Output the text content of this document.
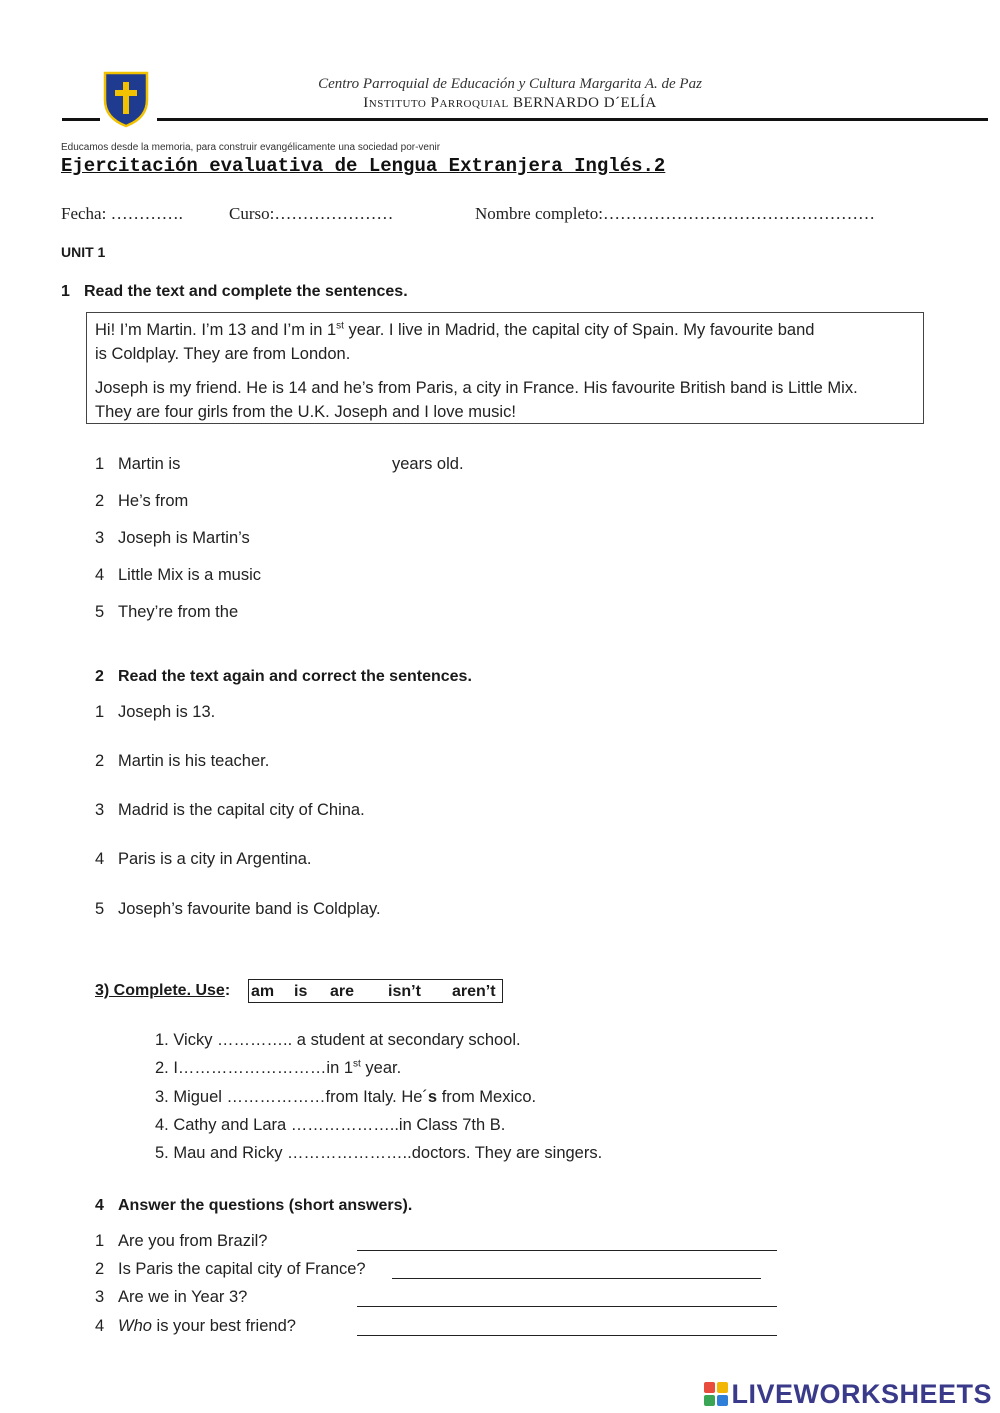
Centro Parroquial de Educación y Cultura Margarita A. de Paz
Instituto Parroquial BERNARDO D´ELÍA
Educamos desde la memoria, para construir evangélicamente una sociedad por-venir
Ejercitación evaluativa de Lengua Extranjera Inglés.2
Fecha: ………….	Curso:…………………	Nombre completo:…………………………………………
UNIT 1
1 Read the text and complete the sentences.

Hi! I’m Martin. I’m 13 and I’m in 1st year. I live in Madrid, the capital city of Spain. My favourite band
is Coldplay. They are from London.

Joseph is my friend. He is 14 and he’s from Paris, a city in France. His favourite British band is Little Mix.
They are four girls from the U.K. Joseph and I love music!

1 Martin is	years old.
2 He’s from
3 Joseph is Martin’s
4 Little Mix is a music
5 They’re from the
2 Read the text again and correct the sentences.
1 Joseph is 13.
2 Martin is his teacher.
3 Madrid is the capital city of China.
4 Paris is a city in Argentina.
5 Joseph’s favourite band is Coldplay.
3) Complete. Use: am is are isn’t aren’t
1. Vicky ………….. a student at secondary school.
2. I………………………in 1st year.
3. Miguel ………………from Italy. He´s from Mexico.
4. Cathy and Lara ………………..in Class 7th B.
5. Mau and Ricky …………………..doctors. They are singers.
4 Answer the questions (short answers).
1 Are you from Brazil?
2 Is Paris the capital city of France?
3 Are we in Year 3?
4 Who is your best friend?
LIVEWORKSHEETS
